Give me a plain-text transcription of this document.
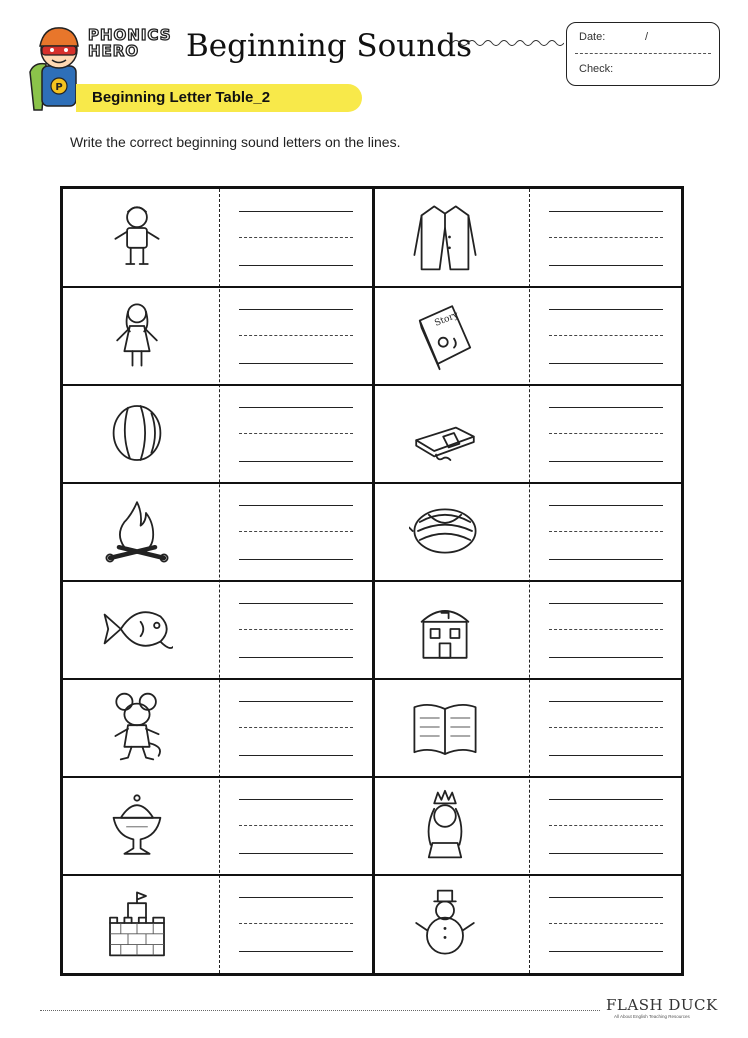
P
PHONICS
HERO Beginning Sounds	Date:	/
Check:
Beginning Letter Table_2
Write the correct beginning sound letters on the lines.
Story
FLASH DUCK
All About English Teaching Resources
